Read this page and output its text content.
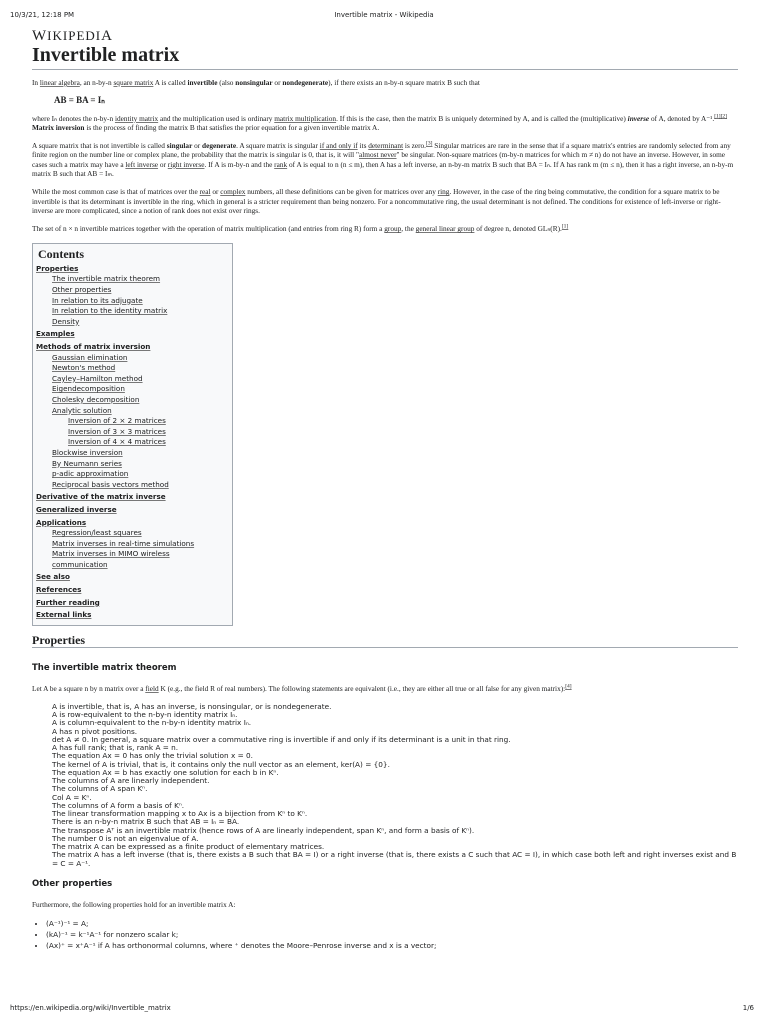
10/3/21, 12:18 PM	Invertible matrix - Wikipedia
WIKIPEDIA
Invertible matrix

In linear algebra, an n-by-n square matrix A is called invertible (also nonsingular or nondegenerate), if there exists an n-by-n square matrix B such that

AB = BA = Iₙ

where Iₙ denotes the n-by-n identity matrix and the multiplication used is ordinary matrix multiplication. If this is the case, then the matrix B is uniquely determined by A, and is called the (multiplicative) inverse of A, denoted by A⁻¹.[1][2] Matrix inversion is the process of finding the matrix B that satisfies the prior equation for a given invertible matrix A.

A square matrix that is not invertible is called singular or degenerate. A square matrix is singular if and only if its determinant is zero.[3] Singular matrices are rare in the sense that if a square matrix's entries are randomly selected from any finite region on the number line or complex plane, the probability that the matrix is singular is 0, that is, it will "almost never" be singular. Non-square matrices (m-by-n matrices for which m ≠ n) do not have an inverse. However, in some cases such a matrix may have a left inverse or right inverse. If A is m-by-n and the rank of A is equal to n (n ≤ m), then A has a left inverse, an n-by-m matrix B such that BA = Iₙ. If A has rank m (m ≤ n), then it has a right inverse, an n-by-m matrix B such that AB = Iₘ.

While the most common case is that of matrices over the real or complex numbers, all these definitions can be given for matrices over any ring. However, in the case of the ring being commutative, the condition for a square matrix to be invertible is that its determinant is invertible in the ring, which in general is a stricter requirement than being nonzero. For a noncommutative ring, the usual determinant is not defined. The conditions for existence of left-inverse or right-inverse are more complicated, since a notion of rank does not exist over rings.

The set of n × n invertible matrices together with the operation of matrix multiplication (and entries from ring R) form a group, the general linear group of degree n, denoted GLₙ(R).[1]

Contents
Properties
The invertible matrix theorem
Other properties
In relation to its adjugate
In relation to the identity matrix
Density
Examples
Methods of matrix inversion
Gaussian elimination
Newton's method
Cayley–Hamilton method
Eigendecomposition
Cholesky decomposition
Analytic solution
Inversion of 2 × 2 matrices
Inversion of 3 × 3 matrices
Inversion of 4 × 4 matrices
Blockwise inversion
By Neumann series
p-adic approximation
Reciprocal basis vectors method
Derivative of the matrix inverse
Generalized inverse
Applications
Regression/least squares
Matrix inverses in real-time simulations
Matrix inverses in MIMO wireless communication
See also
References
Further reading
External links
Properties
The invertible matrix theorem

Let A be a square n by n matrix over a field K (e.g., the field R of real numbers). The following statements are equivalent (i.e., they are either all true or all false for any given matrix):[4]

A is invertible, that is, A has an inverse, is nonsingular, or is nondegenerate.
A is row-equivalent to the n-by-n identity matrix Iₙ.
A is column-equivalent to the n-by-n identity matrix Iₙ.
A has n pivot positions.
det A ≠ 0. In general, a square matrix over a commutative ring is invertible if and only if its determinant is a unit in that ring.
A has full rank; that is, rank A = n.
The equation Ax = 0 has only the trivial solution x = 0.
The kernel of A is trivial, that is, it contains only the null vector as an element, ker(A) = {0}.
The equation Ax = b has exactly one solution for each b in Kⁿ.
The columns of A are linearly independent.
The columns of A span Kⁿ.
Col A = Kⁿ.
The columns of A form a basis of Kⁿ.
The linear transformation mapping x to Ax is a bijection from Kⁿ to Kⁿ.
There is an n-by-n matrix B such that AB = Iₙ = BA.
The transpose Aᵀ is an invertible matrix (hence rows of A are linearly independent, span Kⁿ, and form a basis of Kⁿ).
The number 0 is not an eigenvalue of A.
The matrix A can be expressed as a finite product of elementary matrices.
The matrix A has a left inverse (that is, there exists a B such that BA = I) or a right inverse (that is, there exists a C such that AC = I), in which case both left and right inverses exist and B = C = A⁻¹.
Other properties

Furthermore, the following properties hold for an invertible matrix A:

• (A⁻¹)⁻¹ = A;
• (kA)⁻¹ = k⁻¹A⁻¹ for nonzero scalar k;
• (Ax)⁺ = x⁺A⁻¹ if A has orthonormal columns, where ⁺ denotes the Moore–Penrose inverse and x is a vector;
https://en.wikipedia.org/wiki/Invertible_matrix	1/6
